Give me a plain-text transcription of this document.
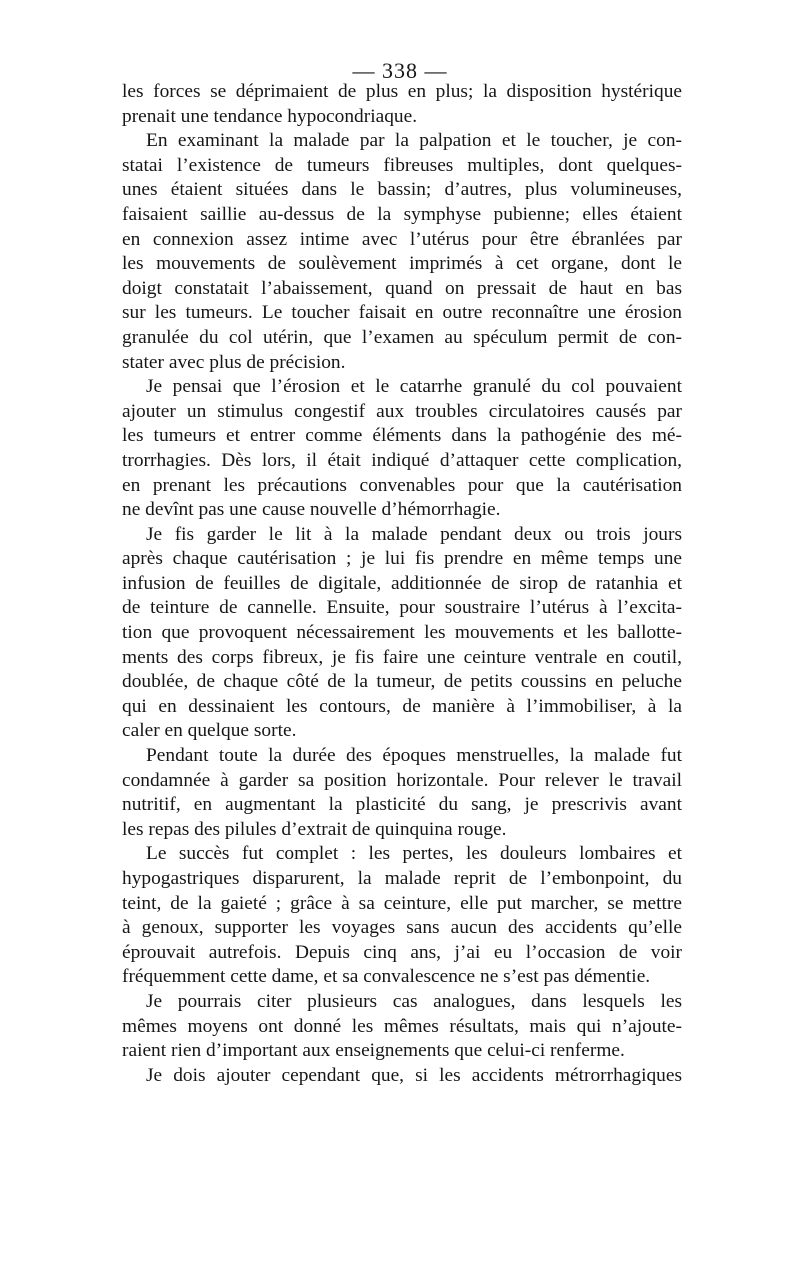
— 338 —
les forces se déprimaient de plus en plus; la disposition hystérique
prenait une tendance hypocondriaque.
En examinant la malade par la palpation et le toucher, je con-
statai l’existence de tumeurs fibreuses multiples, dont quelques-
unes étaient situées dans le bassin; d’autres, plus volumineuses,
faisaient saillie au-dessus de la symphyse pubienne; elles étaient
en connexion assez intime avec l’utérus pour être ébranlées par
les mouvements de soulèvement imprimés à cet organe, dont le
doigt constatait l’abaissement, quand on pressait de haut en bas
sur les tumeurs. Le toucher faisait en outre reconnaître une érosion
granulée du col utérin, que l’examen au spéculum permit de con-
stater avec plus de précision.
Je pensai que l’érosion et le catarrhe granulé du col pouvaient
ajouter un stimulus congestif aux troubles circulatoires causés par
les tumeurs et entrer comme éléments dans la pathogénie des mé-
trorrhagies. Dès lors, il était indiqué d’attaquer cette complication,
en prenant les précautions convenables pour que la cautérisation
ne devînt pas une cause nouvelle d’hémorrhagie.
Je fis garder le lit à la malade pendant deux ou trois jours
après chaque cautérisation ; je lui fis prendre en même temps une
infusion de feuilles de digitale, additionnée de sirop de ratanhia et
de teinture de cannelle. Ensuite, pour soustraire l’utérus à l’excita-
tion que provoquent nécessairement les mouvements et les ballotte-
ments des corps fibreux, je fis faire une ceinture ventrale en coutil,
doublée, de chaque côté de la tumeur, de petits coussins en peluche
qui en dessinaient les contours, de manière à l’immobiliser, à la
caler en quelque sorte.
Pendant toute la durée des époques menstruelles, la malade fut
condamnée à garder sa position horizontale. Pour relever le travail
nutritif, en augmentant la plasticité du sang, je prescrivis avant
les repas des pilules d’extrait de quinquina rouge.
Le succès fut complet : les pertes, les douleurs lombaires et
hypogastriques disparurent, la malade reprit de l’embonpoint, du
teint, de la gaieté ; grâce à sa ceinture, elle put marcher, se mettre
à genoux, supporter les voyages sans aucun des accidents qu’elle
éprouvait autrefois. Depuis cinq ans, j’ai eu l’occasion de voir
fréquemment cette dame, et sa convalescence ne s’est pas démentie.
Je pourrais citer plusieurs cas analogues, dans lesquels les
mêmes moyens ont donné les mêmes résultats, mais qui n’ajoute-
raient rien d’important aux enseignements que celui-ci renferme.
Je dois ajouter cependant que, si les accidents métrorrhagiques
